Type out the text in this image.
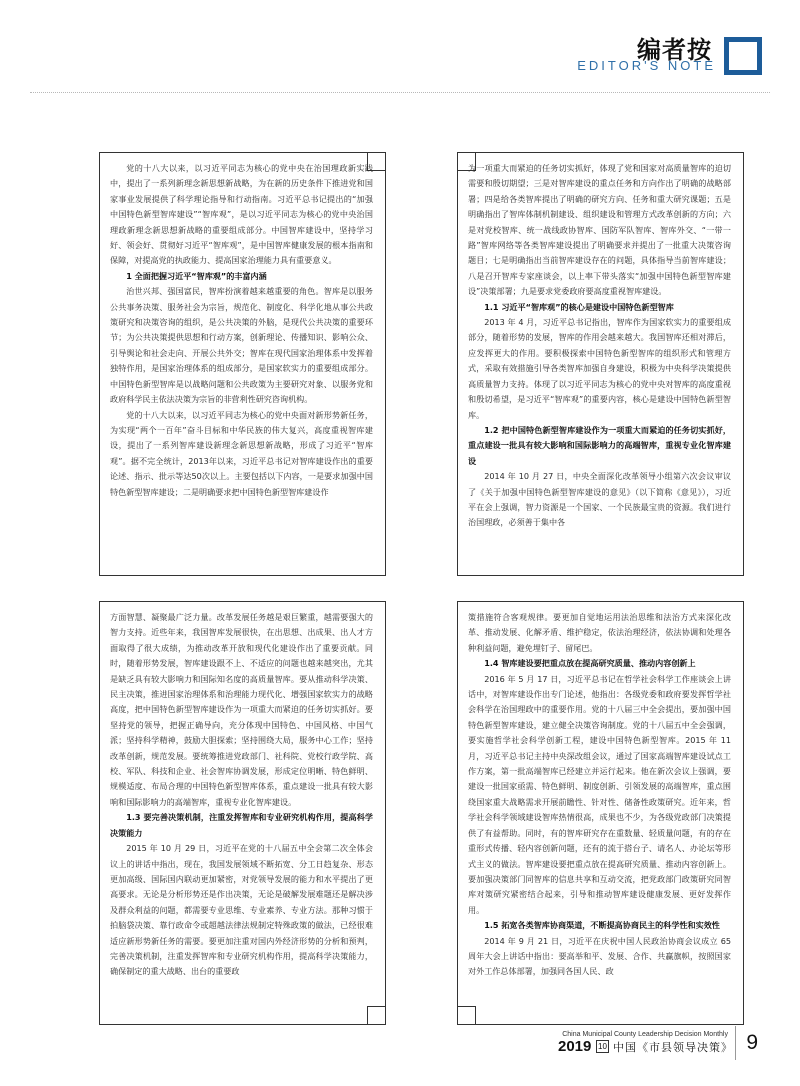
编者按
EDITOR'S NOTE

党的十八大以来，以习近平同志为核心的党中央在治国理政新实践中，提出了一系列新理念新思想新战略，为在新的历史条件下推进党和国家事业发展提供了科学理论指导和行动指南。习近平总书记提出的“加强中国特色新型智库建设”“智库观”，是以习近平同志为核心的党中央治国理政新理念新思想新战略的重要组成部分。中国智库建设中，坚持学习好、领会好、贯彻好习近平“智库观”，是中国智库健康发展的根本指南和保障，对提高党的执政能力、提高国家治理能力具有重要意义。

1 全面把握习近平“智库观”的丰富内涵

治世兴邦、强国富民，智库扮演着越来越重要的角色。智库是以服务公共事务决策、服务社会为宗旨，规范化、制度化、科学化地从事公共政策研究和决策咨询的组织，是公共决策的外脑，是现代公共决策的重要环节；为公共决策提供思想和行动方案，创新理论、传播知识、影响公众、引导舆论和社会走向、开展公共外交；智库在现代国家治理体系中发挥着独特作用，是国家治理体系的组成部分，是国家软实力的重要组成部分。中国特色新型智库是以战略问题和公共政策为主要研究对象、以服务党和政府科学民主依法决策为宗旨的非营利性研究咨询机构。

党的十八大以来，以习近平同志为核心的党中央面对新形势新任务，为实现“两个一百年”奋斗目标和中华民族的伟大复兴，高度重视智库建设，提出了一系列智库建设新理念新思想新战略，形成了习近平“智库观”。据不完全统计，2013年以来，习近平总书记对智库建设作出的重要论述、指示、批示等达50次以上。主要包括以下内容，一是要求加强中国特色新型智库建设；二是明确要求把中国特色新型智库建设作

为一项重大而紧迫的任务切实抓好，体现了党和国家对高质量智库的迫切需要和殷切期望；三是对智库建设的重点任务和方向作出了明确的战略部署；四是给各类智库提出了明确的研究方向、任务和重大研究课题；五是明确指出了智库体制机制建设、组织建设和管理方式改革创新的方向；六是对党校智库、统一战线政协智库、国防军队智库、智库外交、“一带一路”智库网络等各类智库建设提出了明确要求并提出了一批重大决策咨询题目；七是明确指出当前智库建设存在的问题，具体指导当前智库建设；八是召开智库专家座谈会，以上率下带头落实“加强中国特色新型智库建设”决策部署；九是要求党委政府要高度重视智库建设。

1.1 习近平“智库观”的核心是建设中国特色新型智库

2013 年 4 月，习近平总书记指出，智库作为国家软实力的重要组成部分，随着形势的发展，智库的作用会越来越大。我国智库还相对滞后，应发挥更大的作用。要积极探索中国特色新型智库的组织形式和管理方式，采取有效措施引导各类智库加强自身建设，积极为中央科学决策提供高质量智力支持。体现了以习近平同志为核心的党中央对智库的高度重视和殷切希望，是习近平“智库观”的重要内容，核心是建设中国特色新型智库。

1.2 把中国特色新型智库建设作为一项重大而紧迫的任务切实抓好，重点建设一批具有较大影响和国际影响力的高端智库，重视专业化智库建设

2014 年 10 月 27 日，中央全面深化改革领导小组第六次会议审议了《关于加强中国特色新型智库建设的意见》（以下简称《意见》），习近平在会上强调，智力资源是一个国家、一个民族最宝贵的资源。我们进行治国理政，必须善于集中各

方面智慧、凝聚最广泛力量。改革发展任务越是艰巨繁重，越需要强大的智力支持。近些年来，我国智库发展很快，在出思想、出成果、出人才方面取得了很大成绩，为推动改革开放和现代化建设作出了重要贡献。同时，随着形势发展，智库建设跟不上、不适应的问题也越来越突出，尤其是缺乏具有较大影响力和国际知名度的高质量智库。要从推动科学决策、民主决策，推进国家治理体系和治理能力现代化、增强国家软实力的战略高度，把中国特色新型智库建设作为一项重大而紧迫的任务切实抓好。要坚持党的领导，把握正确导向，充分体现中国特色、中国风格、中国气派；坚持科学精神，鼓励大胆探索；坚持围绕大局，服务中心工作；坚持改革创新，规范发展。要统筹推进党政部门、社科院、党校行政学院、高校、军队、科技和企业、社会智库协调发展，形成定位明晰、特色鲜明、规模适度、布局合理的中国特色新型智库体系，重点建设一批具有较大影响和国际影响力的高端智库，重视专业化智库建设。

1.3 要完善决策机制，注重发挥智库和专业研究机构作用，提高科学决策能力

2015 年 10 月 29 日，习近平在党的十八届五中全会第二次全体会议上的讲话中指出，现在，我国发展领域不断拓宽、分工日趋复杂、形态更加高级、国际国内联动更加紧密，对党领导发展的能力和水平提出了更高要求。无论是分析形势还是作出决策，无论是破解发展难题还是解决涉及群众利益的问题，都需要专业思维、专业素养、专业方法。那种习惯于拍脑袋决策、靠行政命令或超越法律法规制定特殊政策的做法，已经很难适应新形势新任务的需要。要更加注重对国内外经济形势的分析和预判，完善决策机制，注重发挥智库和专业研究机构作用，提高科学决策能力，确保制定的重大战略、出台的重要政

策措施符合客观规律。要更加自觉地运用法治思维和法治方式来深化改革、推动发展、化解矛盾、维护稳定，依法治理经济，依法协调和处理各种利益问题，避免埋钉子、留尾巴。

1.4 智库建设要把重点放在提高研究质量、推动内容创新上

2016 年 5 月 17 日，习近平总书记在哲学社会科学工作座谈会上讲话中，对智库建设作出专门论述，他指出：各级党委和政府要发挥哲学社会科学在治国理政中的重要作用。党的十八届三中全会提出，要加强中国特色新型智库建设，建立健全决策咨询制度。党的十八届五中全会强调，要实施哲学社会科学创新工程，建设中国特色新型智库。2015 年 11 月，习近平总书记主持中央深改组会议，通过了国家高端智库建设试点工作方案，第一批高端智库已经建立并运行起来。他在新次会议上强调，要建设一批国家亟需、特色鲜明、制度创新、引领发展的高端智库，重点围绕国家重大战略需求开展前瞻性、针对性、储备性政策研究。近年来，哲学社会科学领域建设智库热情很高，成果也不少，为各级党政部门决策提供了有益帮助。同时，有的智库研究存在重数量、轻质量问题，有的存在重形式传播、轻内容创新问题，还有的流于搭台子、请名人、办论坛等形式主义的做法。智库建设要把重点放在提高研究质量、推动内容创新上。要加强决策部门同智库的信息共享和互动交流，把党政部门政策研究同智库对策研究紧密结合起来，引导和推动智库建设健康发展、更好发挥作用。

1.5 拓宽各类智库协商渠道，不断提高协商民主的科学性和实效性

2014 年 9 月 21 日，习近平在庆祝中国人民政治协商会议成立 65 周年大会上讲话中指出：要高举和平、发展、合作、共赢旗帜，按照国家对外工作总体部署，加强同各国人民、政

China Municipal County Leadership Decision Monthly
2019 10 中国《市县领导决策》 9
